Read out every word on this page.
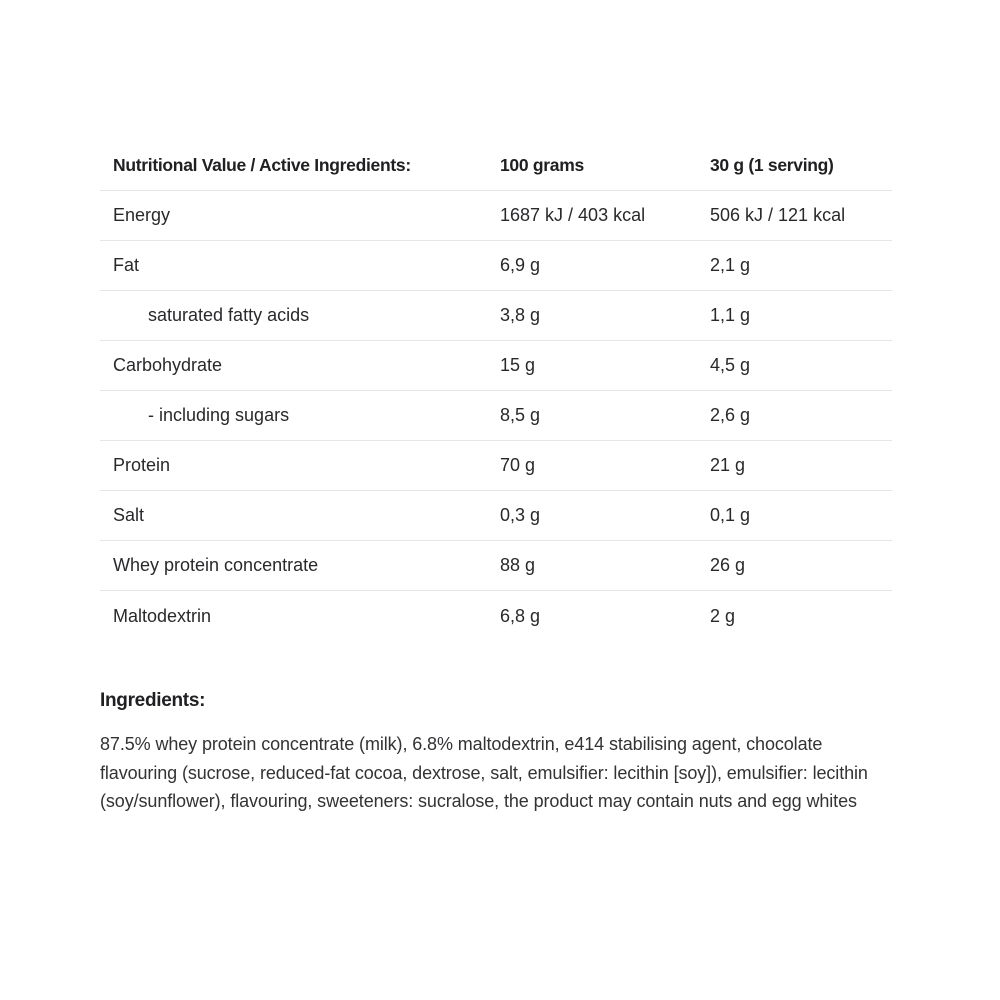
Nutritional Value / Active Ingredients:	100 grams	30 g (1 serving)
Energy	1687 kJ / 403 kcal	506 kJ / 121 kcal
Fat	6,9 g	2,1 g
saturated fatty acids	3,8 g	1,1 g
Carbohydrate	15 g	4,5 g
- including sugars	8,5 g	2,6 g
Protein	70 g	21 g
Salt	0,3 g	0,1 g
Whey protein concentrate	88 g	26 g
Maltodextrin	6,8 g	2 g
Ingredients:
87.5% whey protein concentrate (milk), 6.8% maltodextrin, e414 stabilising agent, chocolate flavouring (sucrose, reduced-fat cocoa, dextrose, salt, emulsifier: lecithin [soy]), emulsifier: lecithin (soy/sunflower), flavouring, sweeteners: sucralose, the product may contain nuts and egg whites
